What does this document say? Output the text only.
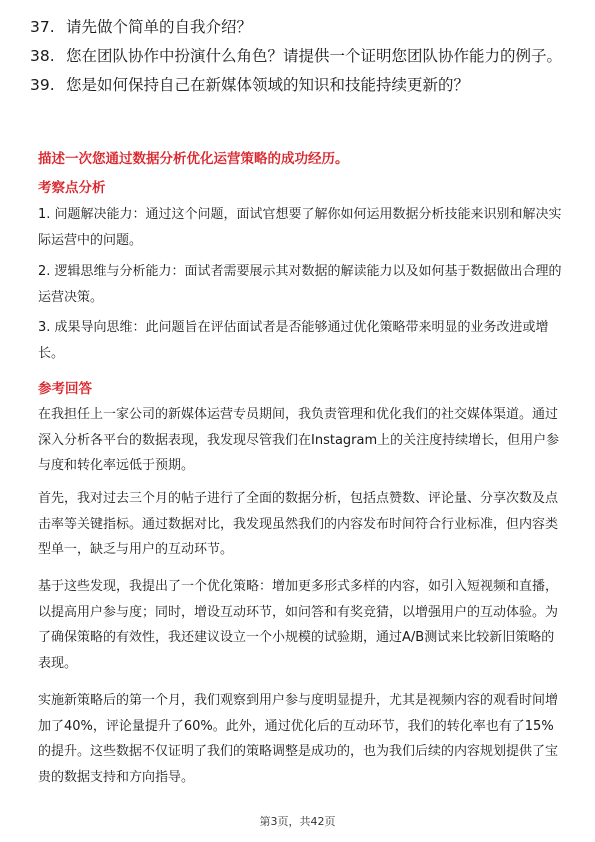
37. 请先做个简单的自我介绍？
38. 您在团队协作中扮演什么角色？请提供一个证明您团队协作能力的例子。
39. 您是如何保持自己在新媒体领域的知识和技能持续更新的？
描述一次您通过数据分析优化运营策略的成功经历。
考察点分析
1. 问题解决能力：通过这个问题，面试官想要了解你如何运用数据分析技能来识别和解决实际运营中的问题。
2. 逻辑思维与分析能力：面试者需要展示其对数据的解读能力以及如何基于数据做出合理的运营决策。
3. 成果导向思维：此问题旨在评估面试者是否能够通过优化策略带来明显的业务改进或增长。
参考回答
在我担任上一家公司的新媒体运营专员期间，我负责管理和优化我们的社交媒体渠道。通过深入分析各平台的数据表现，我发现尽管我们在Instagram上的关注度持续增长，但用户参与度和转化率远低于预期。
首先，我对过去三个月的帖子进行了全面的数据分析，包括点赞数、评论量、分享次数及点击率等关键指标。通过数据对比，我发现虽然我们的内容发布时间符合行业标准，但内容类型单一，缺乏与用户的互动环节。
基于这些发现，我提出了一个优化策略：增加更多形式多样的内容，如引入短视频和直播，以提高用户参与度；同时，增设互动环节，如问答和有奖竞猜，以增强用户的互动体验。为了确保策略的有效性，我还建议设立一个小规模的试验期，通过A/B测试来比较新旧策略的表现。
实施新策略后的第一个月，我们观察到用户参与度明显提升，尤其是视频内容的观看时间增加了40%，评论量提升了60%。此外，通过优化后的互动环节，我们的转化率也有了15%的提升。这些数据不仅证明了我们的策略调整是成功的，也为我们后续的内容规划提供了宝贵的数据支持和方向指导。
第3页，共42页
